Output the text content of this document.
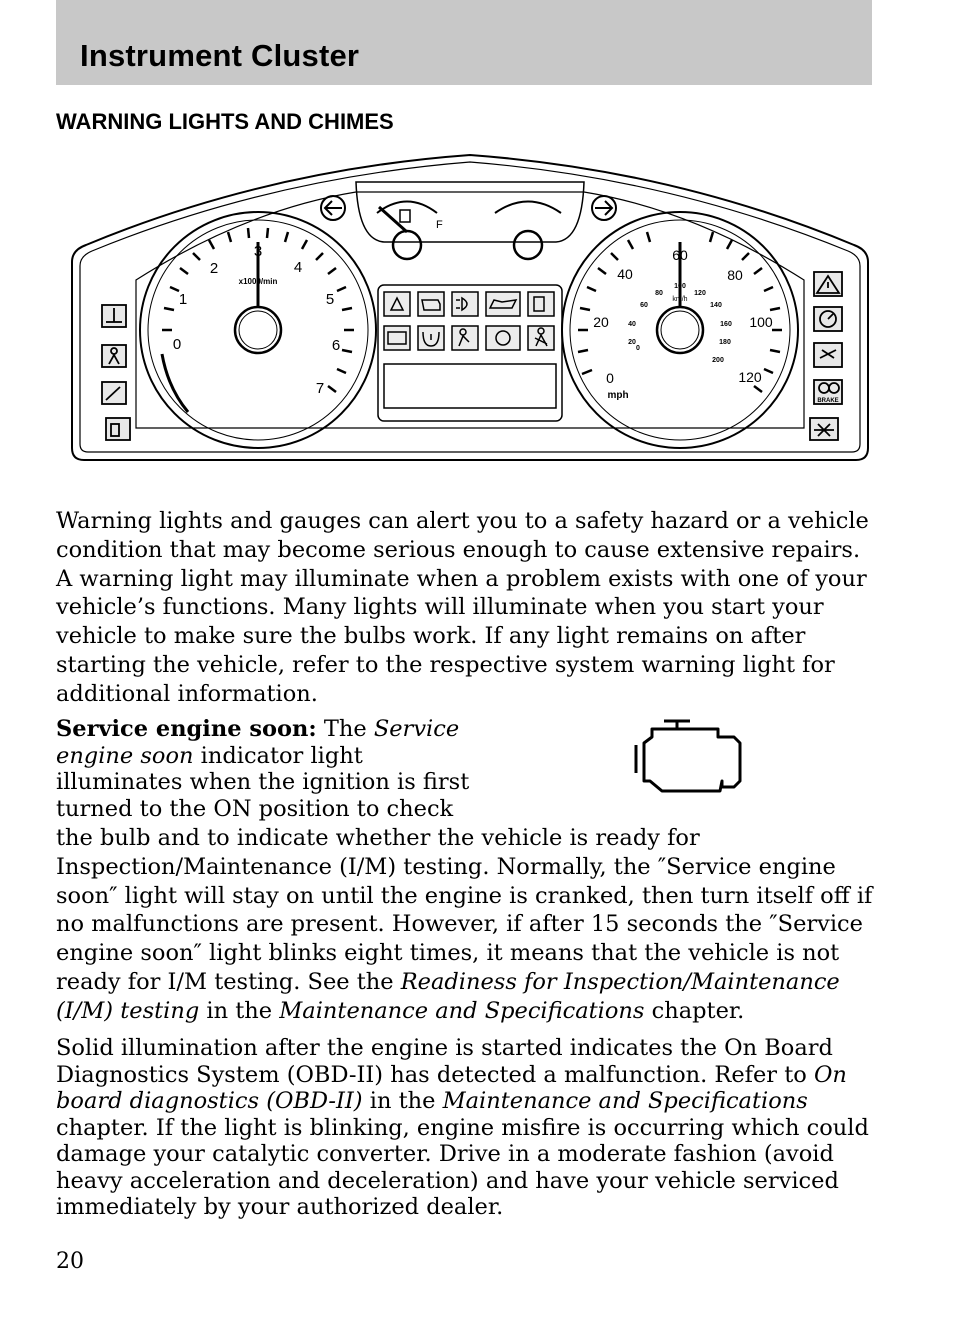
Instrument Cluster
WARNING LIGHTS AND CHIMES
0
1
2
3
4
5
6
7
x1000/min
0
20
40
60
80
100
120
0
20
40
60
80
100
120
140
160
180
200
km/h
mph
F
BRAKE

Warning lights and gauges can alert you to a safety hazard or a vehicle condition that may become serious enough to cause extensive repairs. A warning light may illuminate when a problem exists with one of your vehicle’s functions. Many lights will illuminate when you start your vehicle to make sure the bulbs work. If any light remains on after starting the vehicle, refer to the respective system warning light for additional information.

Service engine soon: The Service engine soon indicator light illuminates when the ignition is first turned to the ON position to check

the bulb and to indicate whether the vehicle is ready for Inspection/Maintenance (I/M) testing. Normally, the ″Service engine soon″ light will stay on until the engine is cranked, then turn itself off if no malfunctions are present. However, if after 15 seconds the ″Service engine soon″ light blinks eight times, it means that the vehicle is not ready for I/M testing. See the Readiness for Inspection/Maintenance (I/M) testing in the Maintenance and Specifications chapter.

Solid illumination after the engine is started indicates the On Board Diagnostics System (OBD-II) has detected a malfunction. Refer to On board diagnostics (OBD-II) in the Maintenance and Specifications chapter. If the light is blinking, engine misfire is occurring which could damage your catalytic converter. Drive in a moderate fashion (avoid heavy acceleration and deceleration) and have your vehicle serviced immediately by your authorized dealer.

20
